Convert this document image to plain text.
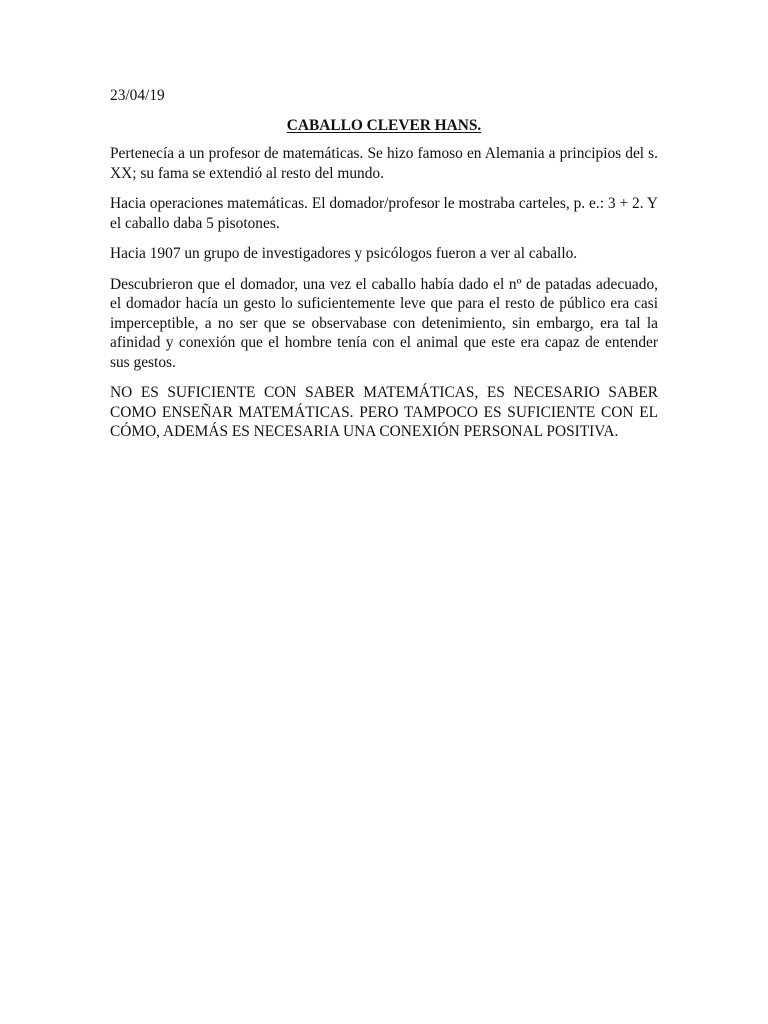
23/04/19

CABALLO CLEVER HANS.

Pertenecía a un profesor de matemáticas. Se hizo famoso en Alemania a principios del s. XX; su fama se extendió al resto del mundo.

Hacia operaciones matemáticas. El domador/profesor le mostraba carteles, p. e.: 3 + 2. Y el caballo daba 5 pisotones.

Hacia 1907 un grupo de investigadores y psicólogos fueron a ver al caballo.

Descubrieron que el domador, una vez el caballo había dado el nº de patadas adecuado, el domador hacía un gesto lo suficientemente leve que para el resto de público era casi imperceptible, a no ser que se observabase con detenimiento, sin embargo, era tal la afinidad y conexión que el hombre tenía con el animal que este era capaz de entender sus gestos.

NO ES SUFICIENTE CON SABER MATEMÁTICAS, ES NECESARIO SABER COMO ENSEÑAR MATEMÁTICAS. PERO TAMPOCO ES SUFICIENTE CON EL CÓMO, ADEMÁS ES NECESARIA UNA CONEXIÓN PERSONAL POSITIVA.
